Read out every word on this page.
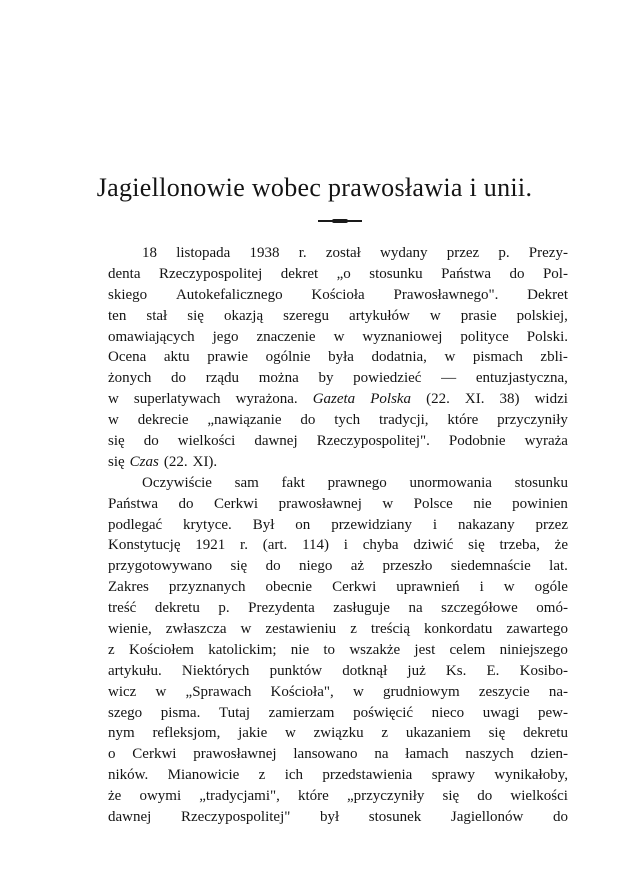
Jagiellonowie wobec prawosławia i unii.
18 listopada 1938 r. został wydany przez p. Prezy-
denta Rzeczypospolitej dekret „o stosunku Państwa do Pol-
skiego Autokefalicznego Kościoła Prawosławnego". Dekret
ten stał się okazją szeregu artykułów w prasie polskiej,
omawiających jego znaczenie w wyznaniowej polityce Polski.
Ocena aktu prawie ogólnie była dodatnia, w pismach zbli-
żonych do rządu można by powiedzieć — entuzjastyczna,
w superlatywach wyrażona. Gazeta Polska (22. XI. 38) widzi
w dekrecie „nawiązanie do tych tradycji, które przyczyniły
się do wielkości dawnej Rzeczypospolitej". Podobnie wyraża
się Czas (22. XI).
Oczywiście sam fakt prawnego unormowania stosunku
Państwa do Cerkwi prawosławnej w Polsce nie powinien
podlegać krytyce. Był on przewidziany i nakazany przez
Konstytucję 1921 r. (art. 114) i chyba dziwić się trzeba, że
przygotowywano się do niego aż przeszło siedemnaście lat.
Zakres przyznanych obecnie Cerkwi uprawnień i w ogóle
treść dekretu p. Prezydenta zasługuje na szczegółowe omó-
wienie, zwłaszcza w zestawieniu z treścią konkordatu zawartego
z Kościołem katolickim; nie to wszakże jest celem niniejszego
artykułu. Niektórych punktów dotknął już Ks. E. Kosibo-
wicz w „Sprawach Kościoła", w grudniowym zeszycie na-
szego pisma. Tutaj zamierzam poświęcić nieco uwagi pew-
nym refleksjom, jakie w związku z ukazaniem się dekretu
o Cerkwi prawosławnej lansowano na łamach naszych dzien-
ników. Mianowicie z ich przedstawienia sprawy wynikałoby,
że owymi „tradycjami", które „przyczyniły się do wielkości
dawnej Rzeczypospolitej" był stosunek Jagiellonów do
